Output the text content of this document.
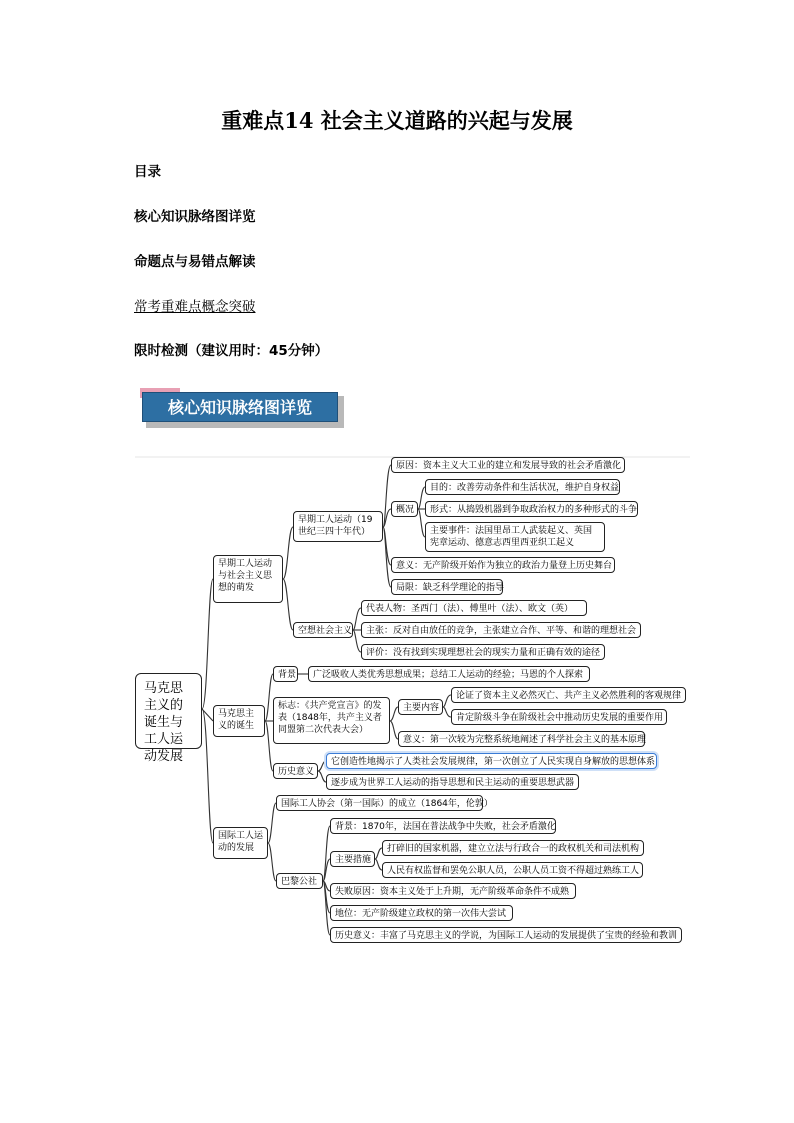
重难点14 社会主义道路的兴起与发展
目录
核心知识脉络图详览
命题点与易错点解读
常考重难点概念突破
限时检测（建议用时：45分钟）
核心知识脉络图详览
马克思主义的诞生与工人运动发展
早期工人运动与社会主义思想的萌发
早期工人运动（19世纪三四十年代）
原因：资本主义大工业的建立和发展导致的社会矛盾激化
概况
目的：改善劳动条件和生活状况，维护自身权益
形式：从捣毁机器到争取政治权力的多种形式的斗争
主要事件：法国里昂工人武装起义、英国宪章运动、德意志西里西亚织工起义
意义：无产阶级开始作为独立的政治力量登上历史舞台
局限：缺乏科学理论的指导
空想社会主义
代表人物：圣西门（法）、傅里叶（法）、欧文（英）
主张：反对自由放任的竞争，主张建立合作、平等、和谐的理想社会
评价：没有找到实现理想社会的现实力量和正确有效的途径
马克思主义的诞生
背景	广泛吸收人类优秀思想成果；总结工人运动的经验；马恩的个人探索
标志：《共产党宣言》的发表（1848年，共产主义者同盟第二次代表大会）
主要内容
论证了资本主义必然灭亡、共产主义必然胜利的客观规律
肯定阶级斗争在阶级社会中推动历史发展的重要作用
意义：第一次较为完整系统地阐述了科学社会主义的基本原理
历史意义
它创造性地揭示了人类社会发展规律，第一次创立了人民实现自身解放的思想体系
逐步成为世界工人运动的指导思想和民主运动的重要思想武器
国际工人运动的发展
国际工人协会（第一国际）的成立（1864年，伦敦）
巴黎公社
背景：1870年，法国在普法战争中失败，社会矛盾激化
主要措施
打碎旧的国家机器，建立立法与行政合一的政权机关和司法机构
人民有权监督和罢免公职人员，公职人员工资不得超过熟练工人
失败原因：资本主义处于上升期，无产阶级革命条件不成熟
地位：无产阶级建立政权的第一次伟大尝试
历史意义：丰富了马克思主义的学说，为国际工人运动的发展提供了宝贵的经验和教训
